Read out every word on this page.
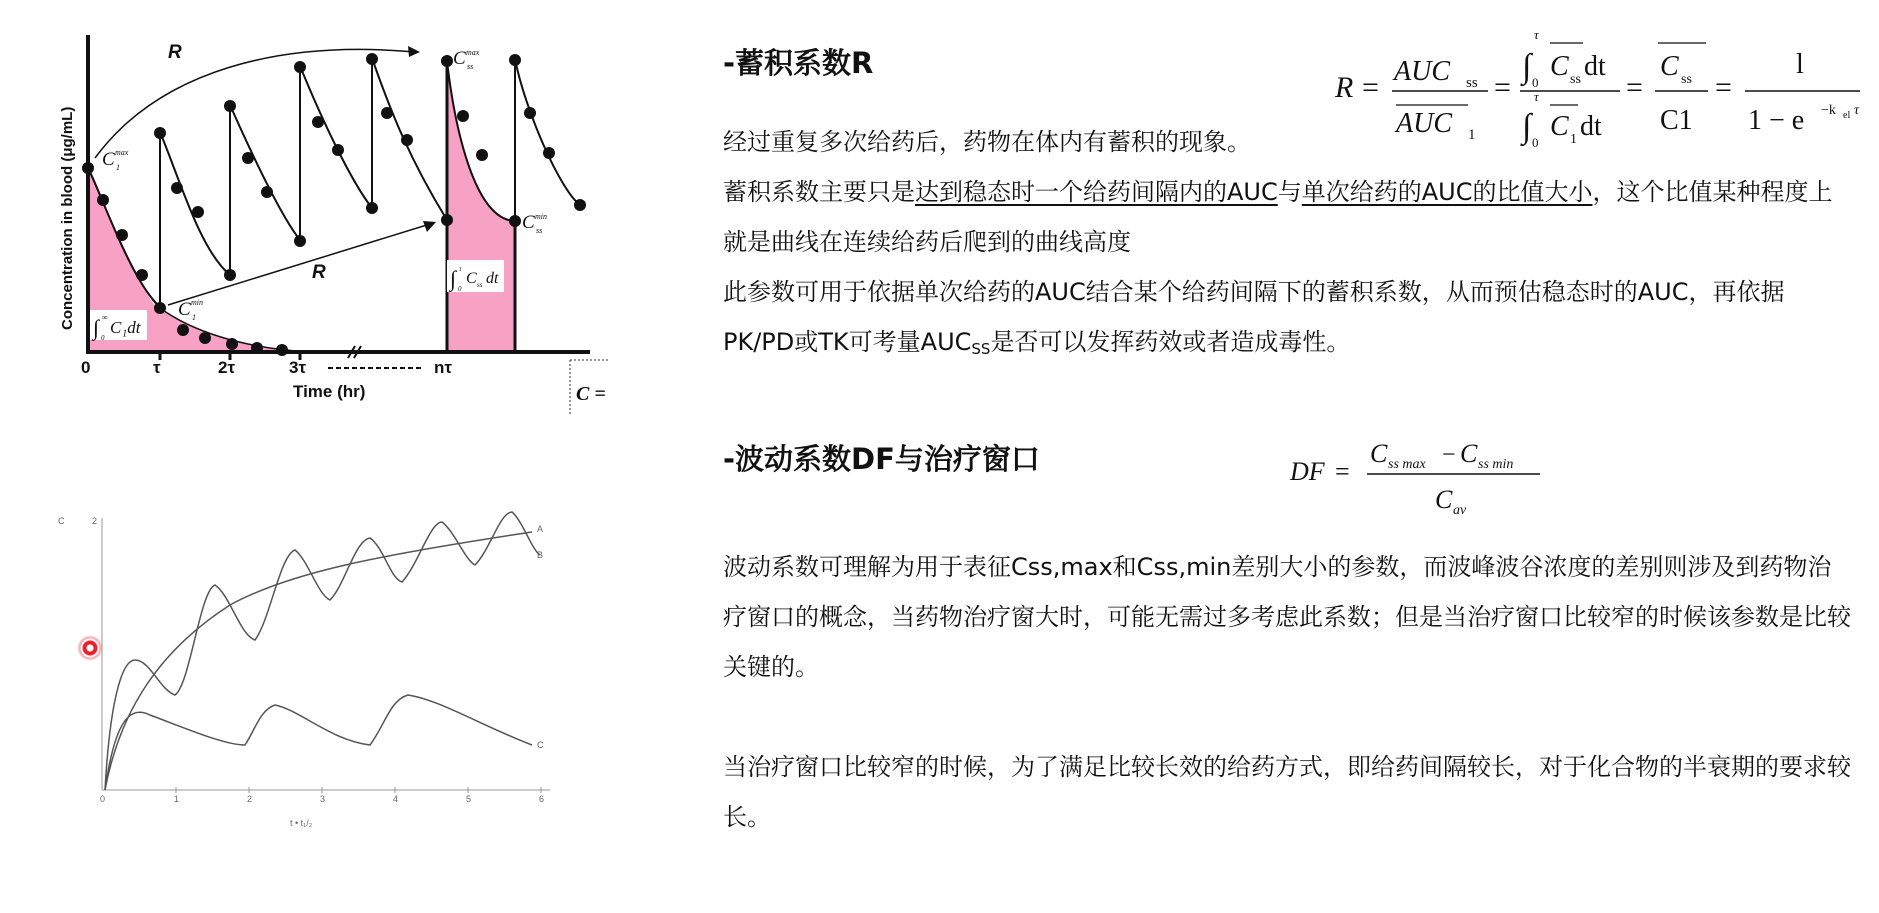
R
R
C max
1
C min
1
C max
ss
C min
ss
∫ ∞
0
C₁dt
∫ τ
0
C ss dt
Concentration in blood (μg/mL)
Time (hr)
0	τ	2τ	3τ	nτ
C =
C	2
0	1	2	3	4	5	6
t • t₁/₂
A
B
C
-蓄积系数R
R = AUC ss
AUC 1
=
∫
τ
0
C ss dt
∫
τ
0
C 1 dt
=
C ss
C1
=
l
1 − e −k el τ

经过重复多次给药后，药物在体内有蓄积的现象。

蓄积系数主要只是达到稳态时一个给药间隔内的AUC与单次给药的AUC的比值大小，这个比值某种程度上就是曲线在连续给药后爬到的曲线高度

此参数可用于依据单次给药的AUC结合某个给药间隔下的蓄积系数，从而预估稳态时的AUC，再依据PK/PD或TK可考量$AUC_{SS}$是否可以发挥药效或者造成毒性。

-波动系数DF与治疗窗口	DF =
C ss max − C ss min
C av

波动系数可理解为用于表征Css,max和Css,min差别大小的参数，而波峰波谷浓度的差别则涉及到药物治疗窗口的概念，当药物治疗窗大时，可能无需过多考虑此系数；但是当治疗窗口比较窄的时候该参数是比较关键的。

当治疗窗口比较窄的时候，为了满足比较长效的给药方式，即给药间隔较长，对于化合物的半衰期的要求较长。
